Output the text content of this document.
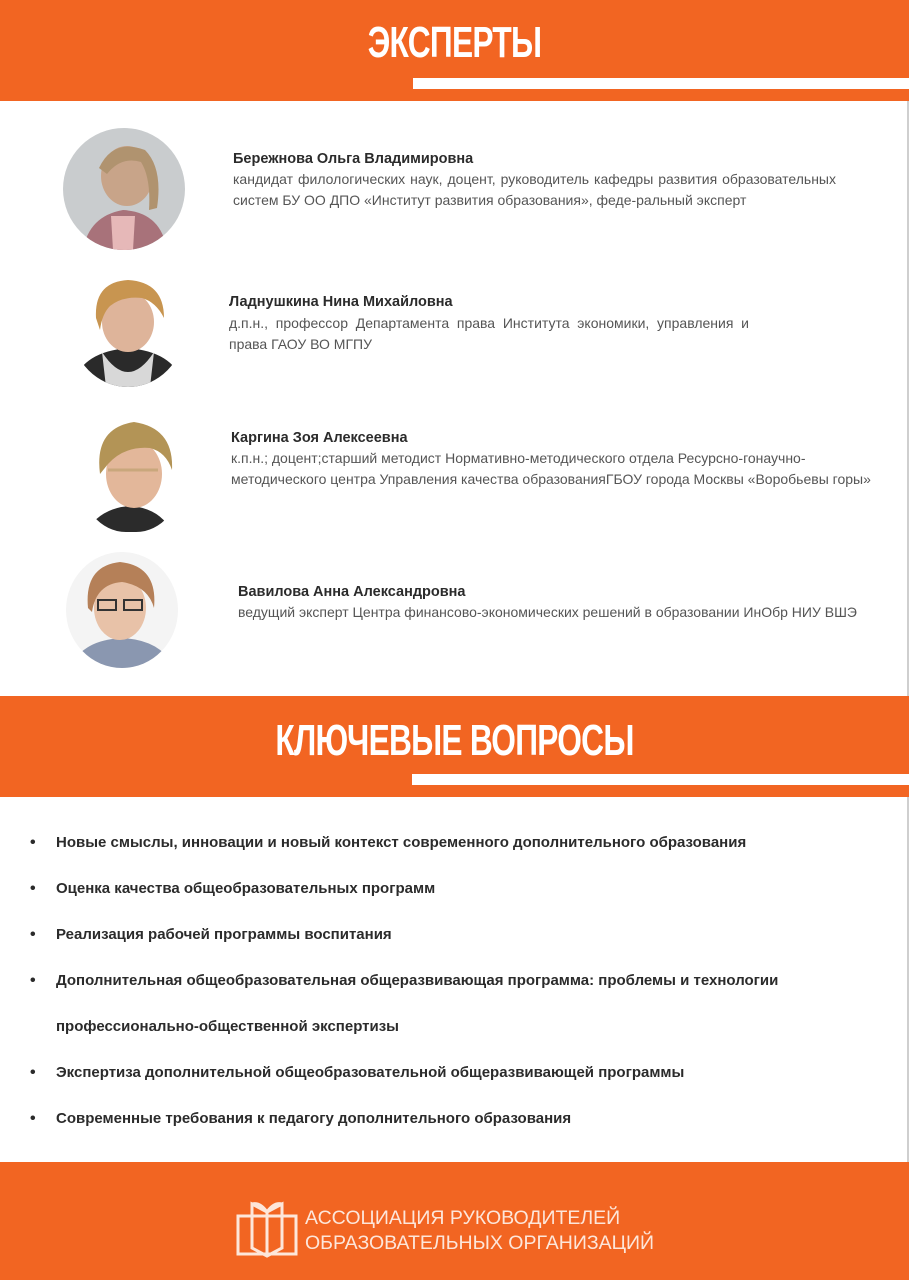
ЭКСПЕРТЫ
Бережнова Ольга Владимировна
кандидат филологических наук, доцент, руководитель кафедры развития образовательных систем БУ ОО ДПО «Институт развития образования», феде-ральный эксперт
Ладнушкина Нина Михайловна
д.п.н., профессор Департамента права Института экономики, управления и права ГАОУ ВО МГПУ
Каргина Зоя Алексеевна
к.п.н.; доцент;старший методист Нормативно-методического отдела Ресурсно-гонаучно-методического центра Управления качества образованияГБОУ города Москвы «Воробьевы горы»
Вавилова Анна Александровна
ведущий эксперт Центра финансово-экономических решений в образовании ИнОбр НИУ ВШЭ
КЛЮЧЕВЫЕ ВОПРОСЫ
• Новые смыслы, инновации и новый контекст современного дополнительного образования
• Оценка качества общеобразовательных программ
• Реализация рабочей программы воспитания
• Дополнительная общеобразовательная общеразвивающая программа: проблемы и технологии профессионально-общественной экспертизы
• Экспертиза дополнительной общеобразовательной общеразвивающей программы
• Современные требования к педагогу дополнительного образования
АССОЦИАЦИЯ РУКОВОДИТЕЛЕЙ
ОБРАЗОВАТЕЛЬНЫХ ОРГАНИЗАЦИЙ
